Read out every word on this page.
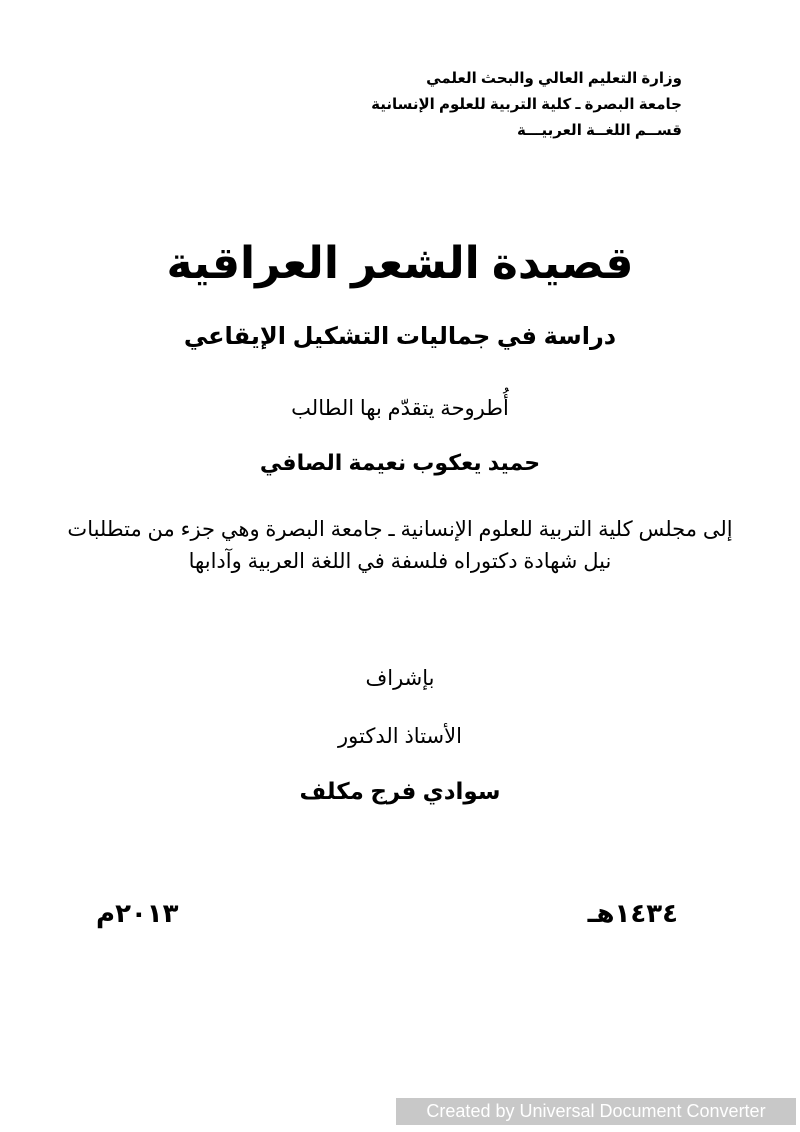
وزارة التعليم العالي والبحث العلمي
جامعة البصرة ـ كلية التربية للعلوم الإنسانية
قســم اللغــة العربيـــة
قصيدة الشعر العراقية
دراسة في جماليات التشكيل الإيقاعي
أُطروحة يتقدّم بها الطالب
حميد يعكوب نعيمة الصافي
إلى مجلس كلية التربية للعلوم الإنسانية ـ جامعة البصرة وهي جزء من متطلبات نيل شهادة دكتوراه فلسفة في اللغة العربية وآدابها
بإشراف
الأستاذ الدكتور
سوادي فرج مكلف
١٤٣٤هـ
٢٠١٣م
Created by Universal Document Converter
